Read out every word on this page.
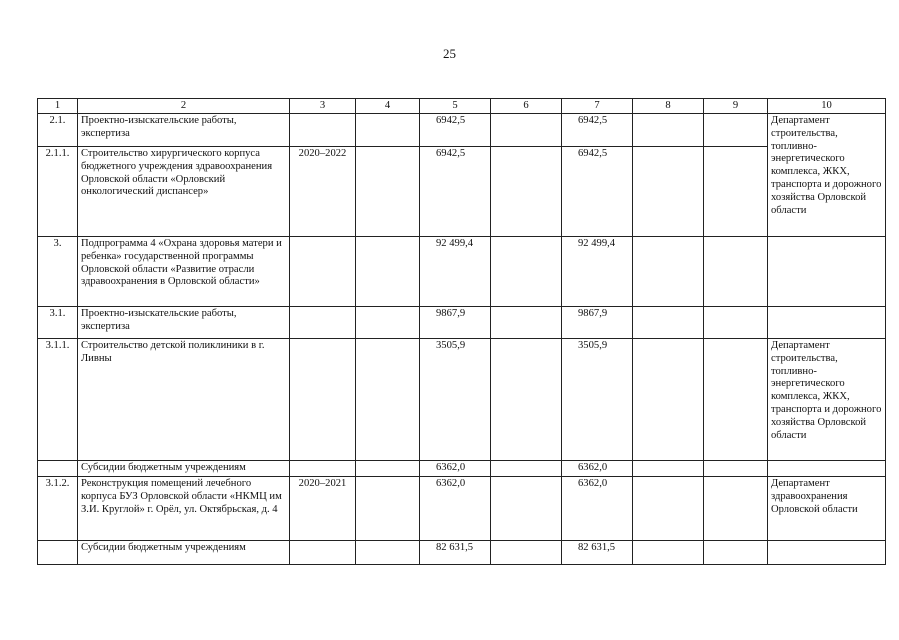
25
1	2	3	4	5	6	7	8	9	10
2.1.	Проектно-изыскательские работы, экспертиза			6942,5		6942,5			Департамент строительства, топливно-энергетического комплекса, ЖКХ, транспорта и дорожного хозяйства Орловской области
2.1.1.	Строительство хирургического корпуса бюджетного учреждения здравоохранения Орловской области «Орловский онкологический диспансер»	2020–2022		6942,5		6942,5			
3.	Подпрограмма 4 «Охрана здоровья матери и ребенка» государственной программы Орловской области «Развитие отрасли здравоохранения в Орловской области»			92 499,4		92 499,4			
3.1.	Проектно-изыскательские работы, экспертиза			9867,9		9867,9			
3.1.1.	Строительство детской поликлиники в г. Ливны			3505,9		3505,9			Департамент строительства, топливно-энергетического комплекса, ЖКХ, транспорта и дорожного хозяйства Орловской области
	Субсидии бюджетным учреждениям			6362,0		6362,0			
3.1.2.	Реконструкция помещений лечебного корпуса БУЗ Орловской области «НКМЦ им З.И. Круглой» г. Орёл, ул. Октябрьская, д. 4	2020–2021		6362,0		6362,0			Департамент здравоохранения Орловской области
	Субсидии бюджетным учреждениям			82 631,5		82 631,5			
